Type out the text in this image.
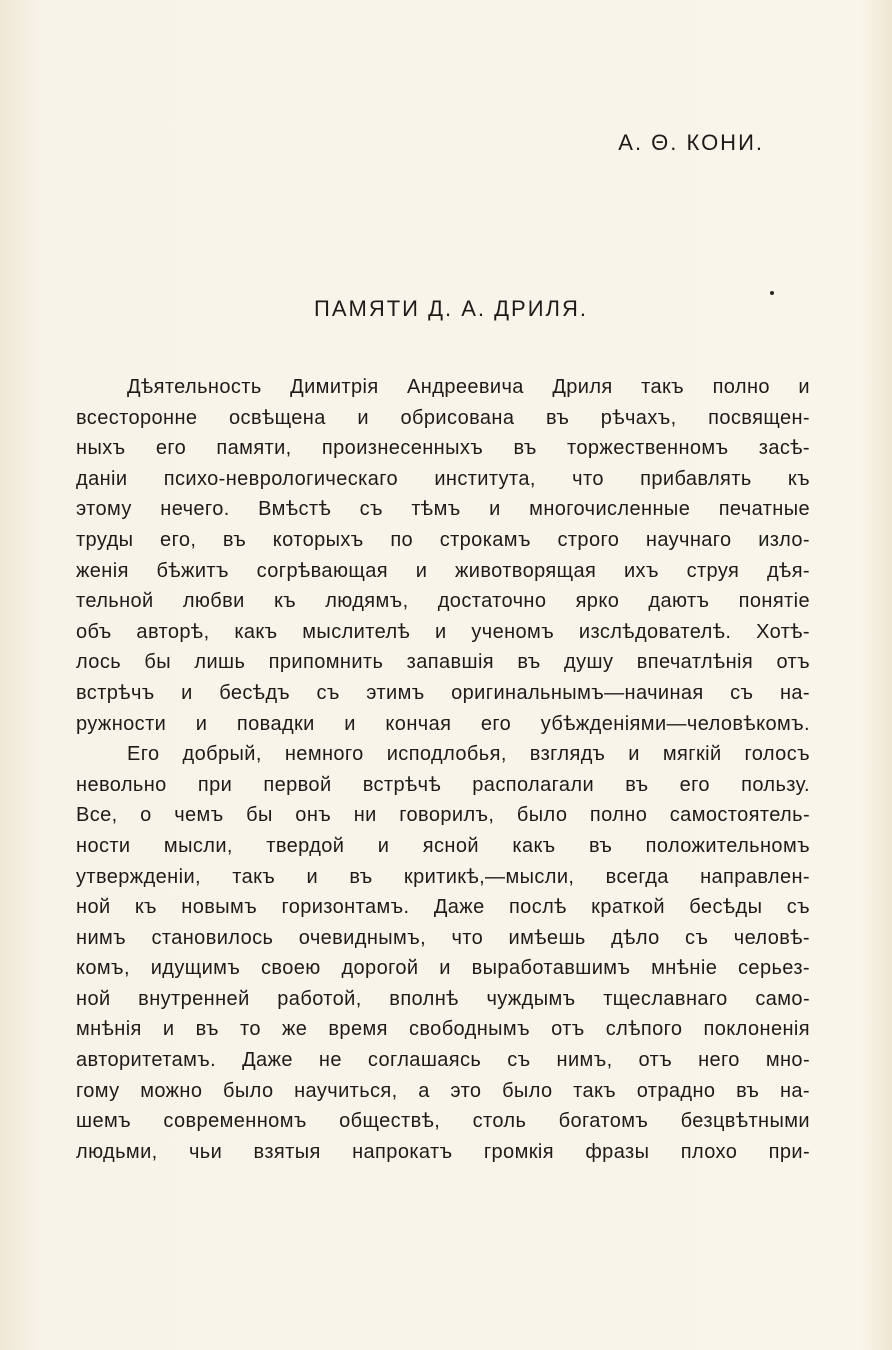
А. Θ. КОНИ.
ПАМЯТИ Д. А. ДРИЛЯ.
Дѣятельность Димитрія Андреевича Дриля такъ полно и
всесторонне освѣщена и обрисована въ рѣчахъ, посвящен-
ныхъ его памяти, произнесенныхъ въ торжественномъ засѣ-
даніи психо-неврологическаго института, что прибавлять къ
этому нечего. Вмѣстѣ съ тѣмъ и многочисленные печатные
труды его, въ которыхъ по строкамъ строго научнаго изло-
женія бѣжитъ согрѣвающая и животворящая ихъ струя дѣя-
тельной любви къ людямъ, достаточно ярко даютъ понятіе
объ авторѣ, какъ мыслителѣ и ученомъ изслѣдователѣ. Хотѣ-
лось бы лишь припомнить запавшія въ душу впечатлѣнія отъ
встрѣчъ и бесѣдъ съ этимъ оригинальнымъ—начиная съ на-
ружности и повадки и кончая его убѣжденіями—человѣкомъ.
Его добрый, немного исподлобья, взглядъ и мягкій голосъ
невольно при первой встрѣчѣ располагали въ его пользу.
Все, о чемъ бы онъ ни говорилъ, было полно самостоятель-
ности мысли, твердой и ясной какъ въ положительномъ
утвержденіи, такъ и въ критикѣ,—мысли, всегда направлен-
ной къ новымъ горизонтамъ. Даже послѣ краткой бесѣды съ
нимъ становилось очевиднымъ, что имѣешь дѣло съ человѣ-
комъ, идущимъ своею дорогой и выработавшимъ мнѣніе серьез-
ной внутренней работой, вполнѣ чуждымъ тщеславнаго само-
мнѣнія и въ то же время свободнымъ отъ слѣпого поклоненія
авторитетамъ. Даже не соглашаясь съ нимъ, отъ него мно-
гому можно было научиться, а это было такъ отрадно въ на-
шемъ современномъ обществѣ, столь богатомъ безцвѣтными
людьми, чьи взятыя напрокатъ громкія фразы плохо при-
